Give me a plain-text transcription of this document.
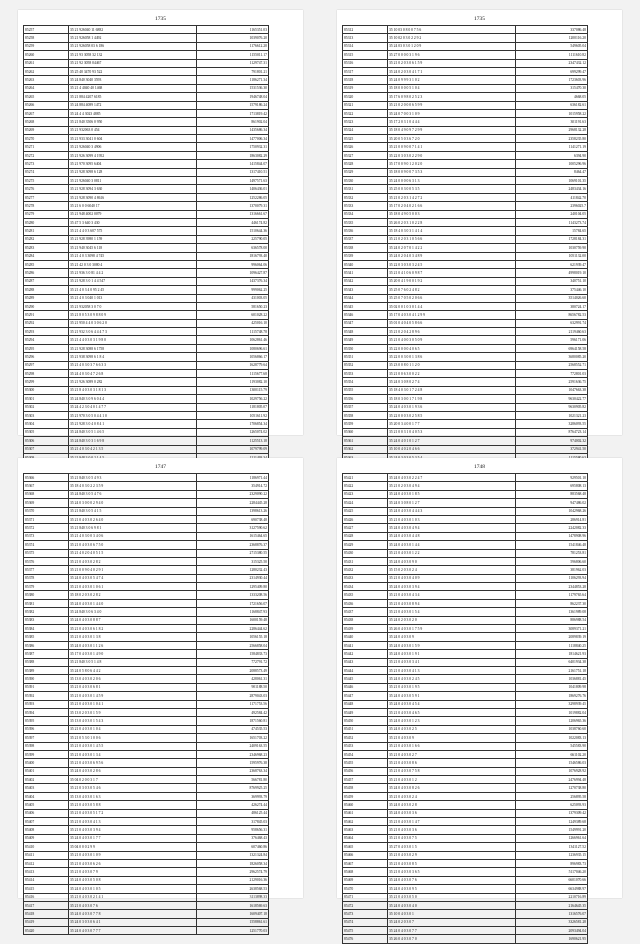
1735
85257	35 21 926040 11 6882	1165351.03
85258	35 21 926058 1 4492	1039076.20
85259	35 21 926058 03 6 186	1176612.20
85260	35 21 93 3058 32 132	1155011.17
85261	35 21 92 3058 04467	1129747.31
85262	35 25 40 3470 93 522	791801.21
85263	35 24 840 3040 3593	1186271.34
85264	35 21 4 4040 40 1468	1531536.30
85265	35 21 884 4207 6185	1946748.04
85266	35 24 884 4089 1472	1579186.24
85267	35 24 4 4 3023 4885	1713819.42
85268	35 21 840 3506 0 950	861902.04
85269	35 21 932063 0 454	1435686.34
85270	35 21 933 3041 0 604	1477006.34
85271	35 21 926040 3 4906	1750932.31
85272	35 21 926 3099 4 1952	1863082.29
85273	35 21 970 3095 6404	1415844.07
85274	35 21 928 3098 6 128	1317410.51
85275	35 21 926040 3 0811	1497571.63
85276	35 21 928 3094 3 630	1406436.01
85277	35 21 928 3090 4 8616	1252286.05
85278	35 21 6 0 0 6040 17	1370079.31
85279	35 21 948 4002 0079	1316661.67
85280	35 47 5 3 640 3 430	446174.82
85281	35 21 4 4 0 3 607 575	1510644.36
85282	35 21 928 3980 1 159	225790.05
85283	35 21 940 3045 6 118	636578.00
85284	35 21 4 0 3 3098 4 745	1816793.40
85285	35 21 42 0 3 0 3080 4	996064.06
85286	35 21 936 3 0 81 4 4 2	1096427.87
85287	35 21 928 3 0 1 4 4 547	1437376.34
85288	35 21 4 0 3 4 0 95 2 45	999062.25
85289	35 21 4 0 3 040 1 013	431003.05
85290	35 21 932058 3 0 7 0	581650.23
85291	35 21 8 0 5 3 0 9 8 8 0 9	601028.22
85292	35 21 950 4 4 0 3 0 6 2 0	425016.10
85293	35 21 932 3 0 6 4 4 4 7 3	1115748.78
85294	35 21 4 4 0 3 0 3 1 9 8 0	1062861.46
85295	35 21 928 3088 6 1758	1080696.61
85296	35 21 938 3098 6 1 8 4	1056866.17
85297	35 21 4 0 3 0 3 7 6 6 3 3	1628779.64
85298	35 24 4 0 3 0 4 7 2 6 8	1115677.68
85299	35 21 926 3089 0 282	1193082.10
85300	35 21 8 4 0 3 0 3 1 8 1 3	1300115.79
85301	35 24 840 3 0 9 6 0 4 4	1029756.22
85302	35 24 4 2 3 0 4 0 1 4 7 7	1181805.07
85303	35 21 970 3 0 5 0 4 4 1 0	1051611.92
85304	35 21 928 3 0 4 0 8 4 1	1706854.34
85305	35 24 840 3 0 5 1 4 6 5	1265074.02
85306	35 24 840 3 0 3 1 6 9 8	1125513.18
85307	35 21 4 0 3 0 4 2 1 3 5	1079799.09

1735
85312	35 10 03 0 8 0 0 7 5 6	337086.48
85313	35 10 02 0 3 0 2 2 9 2	1200116.20
85314	35 24 03 0 3 0 1 2 0 9	549605.04
85315	35 27 0 0 0 0 3 1 9 6	1111610.82
85316	35 21 0 2 0 3 0 6 1 5 9	2347432.12
85317	35 24 0 2 0 3 0 4 1 7 1	699299.47
85318	35 24 0 9 9 9 3 1 0 2	1723603.96
85319	35 18 0 0 0 0 5 1 0 4	315470.30
85320	35 17 6 0 9 8 0 2 5 2 3	4668.05
85321	35 21 0 2 0 0 0 6 5 9 9	636182.61
85322	35 24 0 7 0 0 3 1 0 9	1015958.22
85323	35 17 2 0 3 1 0 4 4 4	301191.63
85324	35 18 0 4 9 0 9 7 2 9 9	2968132.28
85325	35 20 0 5 0 3 6 7 2 0	2358235.80
85326	35 21 0 0 9 0 0 7 1 4 1	1141271.19
85327	35 22 0 3 0 3 0 2 2 9 0	6394.90
85328	35 17 0 0 9 0 1 2 0 2 0	1005296.96
85329	35 18 0 0 9 0 0 7 3 5 3	8464.47
85330	35 24 0 0 0 0 6 3 1 3	1069101.35
85331	35 25 0 0 3 0 0 5 3 5	2483434.16
85332	35 21 0 2 0 3 1 4 2 7 2	411842.70
85333	35 17 0 2 0 4 0 2 1 6 6	2396025.7
85334	35 18 0 4 9 0 5 0 0 3	240104.05
85335	35 26 0 2 0 3 1 0 2 2 8	1143273.74
85336	35 18 4 0 3 0 3 1 4 1 4	15784.65
85337	35 21 0 2 0 3 1 0 5 6 6	1728184.31
85338	35 24 0 2 0 7 0 1 4 2 2	1030759.90
85339	35 24 0 2 0 4 0 3 4 8 9	1051132.00
85340	35 22 0 3 0 3 0 3 2 4 5	621939.47
85341	35 21 0 4 1 0 6 0 9 8 7	4998019.10
85342	35 20 0 4 1 9 0 0 1 9 2	340751.10
85343	35 25 0 7 6 0 2 4 8 2	375446.10
85344	35 25 0 7 0 5 0 2 0 6 6	3514026.60
85345	35 02 0 0 1 0 3 0 1 4 4	380724.17
85346	35 17 0 4 0 3 0 4 1 2 9 9	8656782.53
85347	35 01 0 4 0 4 0 5 8 6 6	632991.74
85348	35 21 0 2 0 4 2 8 9 6	2119460.63
85349	35 21 0 4 0 0 3 0 5 0 9	596171.06
85350	35 22 0 0 0 0 4 0 6 5	6964158.58
85351	35 22 0 0 3 0 0 1 3 8 6	3680085.20
85352	35 23 0 0 8 0 1 1 2 0	2568552.71
85353	35 21 0 0 6 3 0 0 2 2	772801.03
85354	35 24 0 3 0 8 0 2 7 4	2591636.75
85355	35 18 4 0 3 0 1 7 2 4 8	1047663.38
85356	35 18 0 3 0 0 1 7 1 9 8	9630422.77
85357	35 24 0 4 0 3 0 1 9 3 6	9630905.82
85358	35 22 0 0 0 3 0 2 5 8 5	1021321.23
85359	35 20 0 3 4 0 0 1 7 7	3286093.55
85360	35 21 0 0 3 1 0 4 0 5 3	8764723.14
85361	35 24 0 4 0 1 0 1 2 7	974002.32
85362	35 10 0 4 0 2 0 4 6 6	372941.50

1747
85366	35 21 840 3 0 5 4 9 3	1186971.44
85367	35 18 4 0 3 0 2 2 3 5 9	354914.72
85368	35 24 840 3 0 5 4 7 6	2329090.22
85369	35 24 0 3 0 0 0 2 9 4 0	2284445.28
85370	35 21 840 3 0 5 4 1 5	1398613.26
85371	35 21 0 4 0 3 0 2 6 4 0	690738.48
85372	35 21 840 3 0 6 9 8 1	3127590.62
85373	35 21 4 0 3 0 0 3 4 0 6	1615464.65
85374	35 21 0 4 0 3 0 6 7 5 0	2368876.37
85375	35 21 4 0 2 0 4 0 5 1 5	2715380.55
85376	35 21 0 4 0 3 0 2 8 2	315325.50
85377	35 21 0 0 9 0 4 0 2 9 1	1280232.43
85378	35 24 0 4 0 3 0 5 4 7 4	2314930.44
85379	35 21 0 4 0 3 0 1 0 6 1	1295409.80
85380	35 18 0 2 0 3 0 2 8 2	1333208.56
85381	35 24 0 4 0 3 0 1 4 4 0	1721656.07
85382	35 24 840 3 0 6 3 4 0	1168847.93
85383	35 24 0 4 0 3 0 8 8 7	1600159.48
85384	35 21 0 4 0 3 0 6 1 8 2	2286444.62
85385	35 21 0 4 0 3 0 1 3 8	1056155.18
85386	35 24 0 4 0 3 0 1 1 2 6	2566858.04
85387	35 17 0 4 0 3 0 1 4 9 0	1584833.73
85388	35 21 840 3 0 5 1 4 8	772791.72
85389	35 24 0 5 8 0 6 4 4 2	2088573.49
85390	35 13 0 4 0 3 0 2 0 6	428061.31
85391	35 21 0 4 0 3 0 6 8 1	901188.50
85392	35 21 0 4 0 3 0 1 4 5 9	2879043.03
85393	35 21 0 4 0 3 0 1 0 4 1	1171753.56
85394	35 13 0 2 0 3 0 1 5 9	492584.42
85395	35 13 0 4 0 3 0 1 5 4 3	1871560.81
85396	35 21 0 4 0 3 0 1 0 4	474535.53
85397	35 21 0 5 3 0 1 0 0 6	1651703.22
85398	35 21 0 4 0 3 0 1 4 5 5	2409163.55
85399	35 21 0 4 0 3 0 1 3 4	2346968.23
85400	35 21 0 4 0 3 0 6 9 5 6	1595976.38
85401	35 24 0 4 0 3 0 2 8 6	2368763.34
85402	35 04 0 2 0 0 3 1 7	566781.80
85403	35 21 0 3 0 3 0 5 4 6	8769925.25
85404	35 13 0 4 0 3 0 1 6 3	369993.79
85405	35 21 0 4 0 3 0 5 8 8	426274.44
85406	35 21 0 4 0 3 0 5 1 7 2	486125.44
85407	35 21 0 4 0 3 0 4 1 3	317845.03
85408	35 21 0 4 0 3 0 3 9 4	958656.31
85409	35 24 0 4 0 3 0 1 7 7	376468.43
85410	35 04 0 0 0 2 9 9	607460.86
85411	35 21 0 4 0 3 0 1 0 9	1321324.84
85412	35 21 0 4 0 3 0 6 2 6	1826058.34
85413	35 21 0 4 0 3 0 7 9	2962574.79
85414	35 24 0 4 0 3 0 5 0 8	2129016.36
85415	35 24 0 4 0 3 0 1 0 5	2638568.53
85416	35 21 0 4 0 3 0 2 1 4 1	3113898.33
85417	35 21 0 4 0 3 0 7 6	1618569.63
85418	35 24 0 4 0 3 0 7 7 8	1609407.18
85419	35 24 0 3 0 3 0 6 4 1	1558861.61
85420	35 24 0 4 0 3 0 7 7 7	1251770.03
1748
85421	35 24 0 4 0 3 0 2 2 4 7	929501.10
85422	35 21 0 2 0 3 0 4 9 4	695808.13
85423	35 24 0 4 0 3 0 1 8 5	883568.48
85424	35 24 0 3 0 8 0 1 2 7	947486.02
85425	35 24 0 4 0 3 0 4 4 4 3	1042968.26
85426	35 21 0 4 0 3 0 1 0 3	286914.81
85427	35 24 0 4 0 3 0 4 9 4	2242082.33
85428	35 24 0 4 0 3 0 4 4 8	1478908.96
85429	35 24 0 4 0 3 0 1 4 4	1541846.48
85430	35 21 0 4 0 3 0 1 2 2	781253.81
85431	35 24 0 4 0 3 0 9 0	596806.60
85432	35 15 0 2 0 3 0 2 4	381962.03
85433	35 21 0 4 0 3 0 4 0 9	1106293.94
85434	35 24 0 4 0 3 0 3 9 4	2344853.28
85435	35 21 0 4 0 3 0 4 3 4	1179765.64
85436	35 21 0 4 0 3 0 8 9 4	862237.30
85437	35 21 0 4 0 3 0 1 5 4	1361989.08
85438	35 24 0 2 0 3 0 2 0	886988.54
85439	35 26 0 4 0 3 0 1 7 5 9	3089371.21
85440	35 24 0 4 0 3 0 9	2089839.19
85441	35 24 0 4 0 3 0 1 5 9	1118840.25
85442	35 24 0 4 0 3 0 1 9 1	1814621.93
85443	35 21 0 4 0 3 0 3 4 1	6401934.38
85444	35 21 0 4 0 3 0 4 1 3	2161751.18
85445	35 24 0 4 0 3 0 2 4 5	1036881.45
85446	35 21 0 4 0 3 0 1 9 5	1041809.98
85447	35 24 0 4 0 3 0 5 9 1	1869276.76
85448	35 24 0 4 0 3 0 4 5 4	3298939.45
85449	35 21 0 4 0 3 0 4 6 5	1019882.04
85450	35 24 0 4 0 3 0 1 2 3	1206965.36
85451	35 24 0 4 0 3 0 2 5	1038760.60
85452	35 21 0 4 0 3 0 9	1022083.13
85453	35 21 0 4 0 3 0 1 6 6	545583.90
85454	35 21 0 4 0 3 0 2 7	661102.20
85455	35 21 0 4 0 3 0 8 6	1546586.03
85456	35 21 0 4 0 3 0 7 5 8	1076928.92
85457	35 21 0 4 0 3 0 1 2	2476994.48
85458	35 24 0 4 0 3 0 8 2 6	1270738.80
85459	35 21 0 4 0 3 0 2 4	256895.58
85460	35 24 0 4 0 3 0 2 8	625093.93
85461	35 24 0 4 0 3 0 3 6	1379309.42
85462	35 21 0 4 0 3 0 1 4 7	1249389.68
85463	35 21 0 4 0 3 0 3 6	1549991.20
85464	35 21 0 4 0 3 0 7 5	1266961.64
85465	35 27 0 4 0 3 0 1 5	1341127.52
85466	35 21 0 4 0 3 0 2 9	1236935.15
85467	35 21 0 4 0 3 0 8 5	896983.73
85468	35 21 0 4 0 3 0 3 6 5	5117046.20
85469	35 24 0 4 0 3 0 7 6	6601070.66
85470	35 24 0 4 0 3 0 9 5	6634988.97
85471	35 21 0 4 0 3 0 5 0	2210716.89
85472	35 24 0 4 0 3 0 4 0	2164645.35
85473	35 10 0 4 0 3 0 1	1316576.07
85474	35 24 0 2 0 3 0 7	3326581.28
85475	35 24 0 4 0 3 0 7 7	2093494.04
85476	35 26 0 4 0 3 0 7 0	1690621.95
